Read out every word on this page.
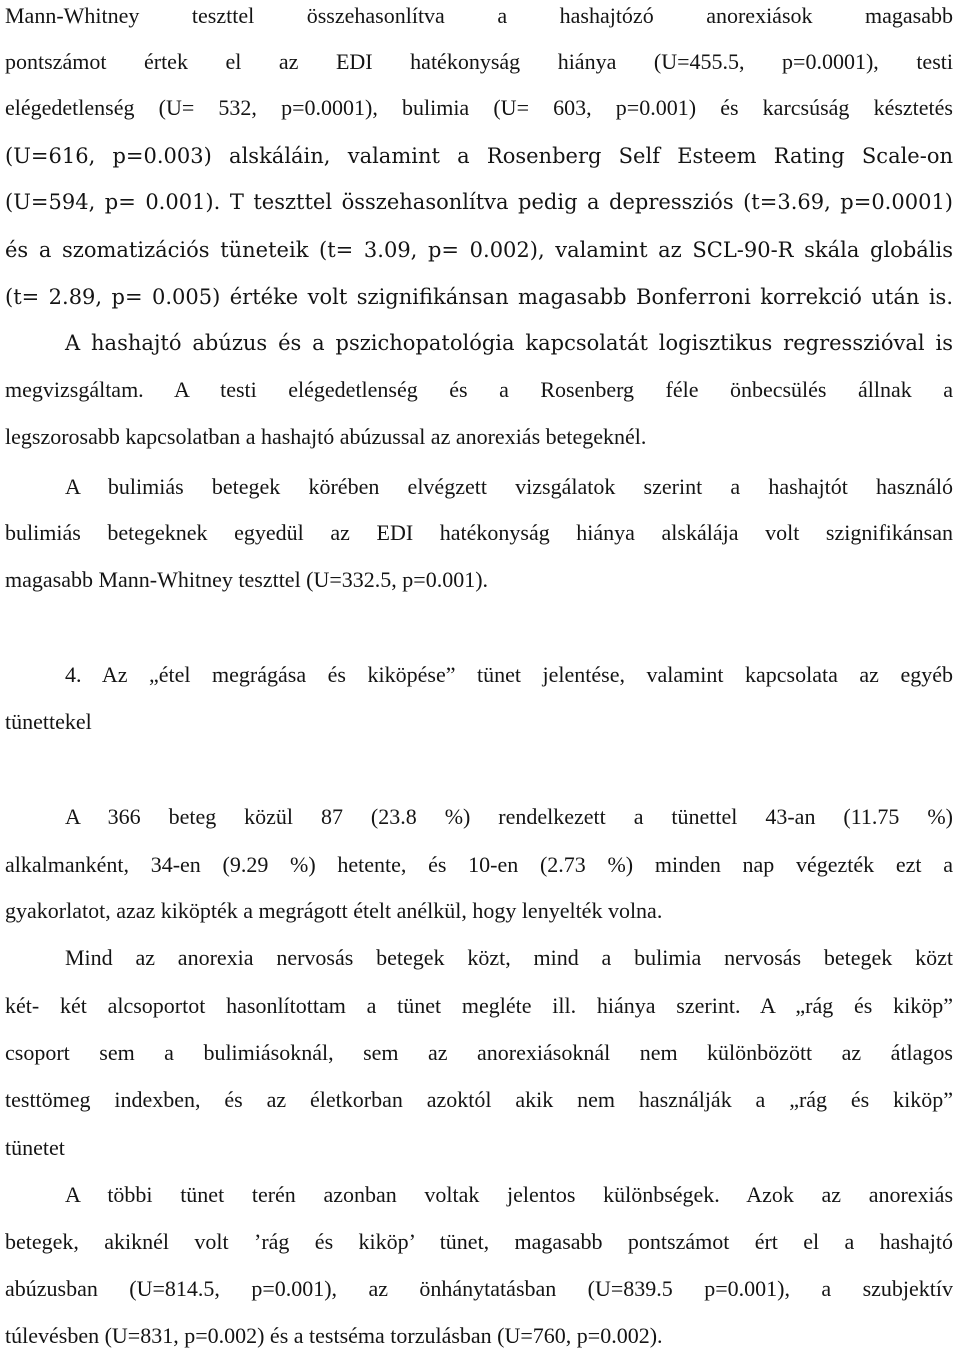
Mann-Whitney teszttel összehasonlítva a hashajtózó anorexiások magasabb
pontszámot értek el az EDI hatékonyság hiánya (U=455.5, p=0.0001), testi
elégedetlenség (U= 532, p=0.0001), bulimia (U= 603, p=0.001) és karcsúság késztetés
(U=616, p=0.003) alskáláin, valamint a Rosenberg Self Esteem Rating Scale-on
(U=594, p= 0.001). T teszttel összehasonlítva pedig a depressziós (t=3.69, p=0.0001)
és a szomatizációs tüneteik (t= 3.09, p= 0.002), valamint az SCL-90-R skála globális
(t= 2.89, p= 0.005) értéke volt szignifikánsan magasabb Bonferroni korrekció után is.
A hashajtó abúzus és a pszichopatológia kapcsolatát logisztikus regresszióval is
megvizsgáltam. A testi elégedetlenség és a Rosenberg féle önbecsülés állnak a
legszorosabb kapcsolatban a hashajtó abúzussal az anorexiás betegeknél.
A bulimiás betegek körében elvégzett vizsgálatok szerint a hashajtót használó
bulimiás betegeknek egyedül az EDI hatékonyság hiánya alskálája volt szignifikánsan
magasabb Mann-Whitney teszttel (U=332.5, p=0.001).
4. Az „étel megrágása és kiköpése” tünet jelentése, valamint kapcsolata az egyéb
tünettekel
A 366 beteg közül 87 (23.8 %) rendelkezett a tünettel 43-an (11.75 %)
alkalmanként, 34-en (9.29 %) hetente, és 10-en (2.73 %) minden nap végezték ezt a
gyakorlatot, azaz kiköpték a megrágott ételt anélkül, hogy lenyelték volna.
Mind az anorexia nervosás betegek közt, mind a bulimia nervosás betegek közt
két- két alcsoportot hasonlítottam a tünet megléte ill. hiánya szerint. A „rág és kiköp”
csoport sem a bulimiásoknál, sem az anorexiásoknál nem különbözött az átlagos
testtömeg indexben, és az életkorban azoktól akik nem használják a „rág és kiköp”
tünetet
A többi tünet terén azonban voltak jelentos különbségek. Azok az anorexiás
betegek, akiknél volt ’rág és kiköp’ tünet, magasabb pontszámot ért el a hashajtó
abúzusban (U=814.5, p=0.001), az önhánytatásban (U=839.5 p=0.001), a szubjektív
túlevésben (U=831, p=0.002) és a testséma torzulásban (U=760, p=0.002).
